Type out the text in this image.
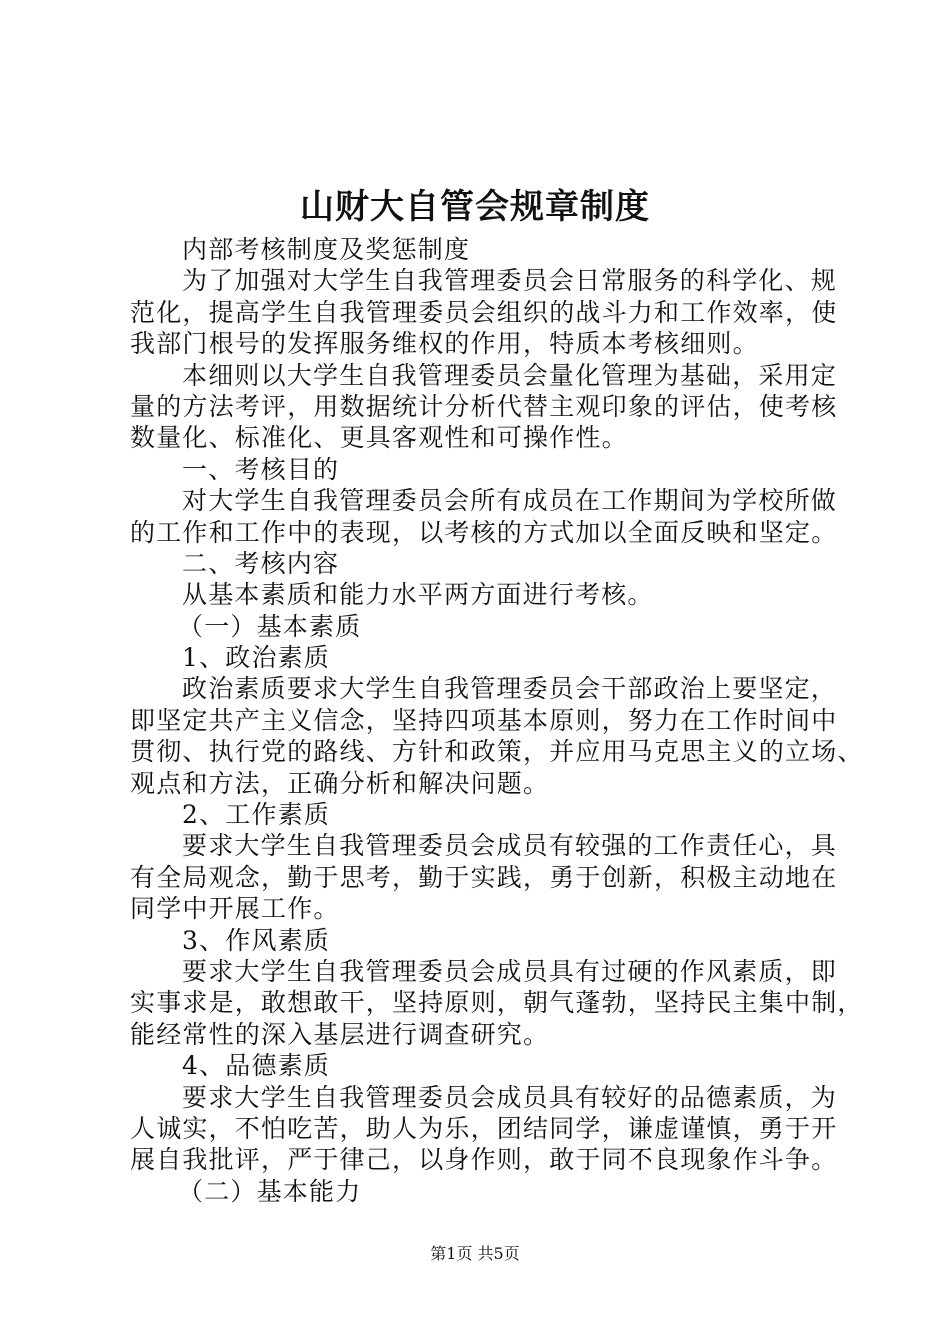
山财大自管会规章制度
内部考核制度及奖惩制度
为了加强对大学生自我管理委员会日常服务的科学化、规
范化，提高学生自我管理委员会组织的战斗力和工作效率，使
我部门根号的发挥服务维权的作用，特质本考核细则。
本细则以大学生自我管理委员会量化管理为基础，采用定
量的方法考评，用数据统计分析代替主观印象的评估，使考核
数量化、标准化、更具客观性和可操作性。
一、考核目的
对大学生自我管理委员会所有成员在工作期间为学校所做
的工作和工作中的表现，以考核的方式加以全面反映和坚定。
二、考核内容
从基本素质和能力水平两方面进行考核。
（一）基本素质
1、政治素质
政治素质要求大学生自我管理委员会干部政治上要坚定，
即坚定共产主义信念，坚持四项基本原则，努力在工作时间中
贯彻、执行党的路线、方针和政策，并应用马克思主义的立场、
观点和方法，正确分析和解决问题。
2、工作素质
要求大学生自我管理委员会成员有较强的工作责任心，具
有全局观念，勤于思考，勤于实践，勇于创新，积极主动地在
同学中开展工作。
3、作风素质
要求大学生自我管理委员会成员具有过硬的作风素质，即
实事求是，敢想敢干，坚持原则，朝气蓬勃，坚持民主集中制，
能经常性的深入基层进行调查研究。
4、品德素质
要求大学生自我管理委员会成员具有较好的品德素质，为
人诚实，不怕吃苦，助人为乐，团结同学，谦虚谨慎，勇于开
展自我批评，严于律己，以身作则，敢于同不良现象作斗争。
（二）基本能力
第1页 共5页
